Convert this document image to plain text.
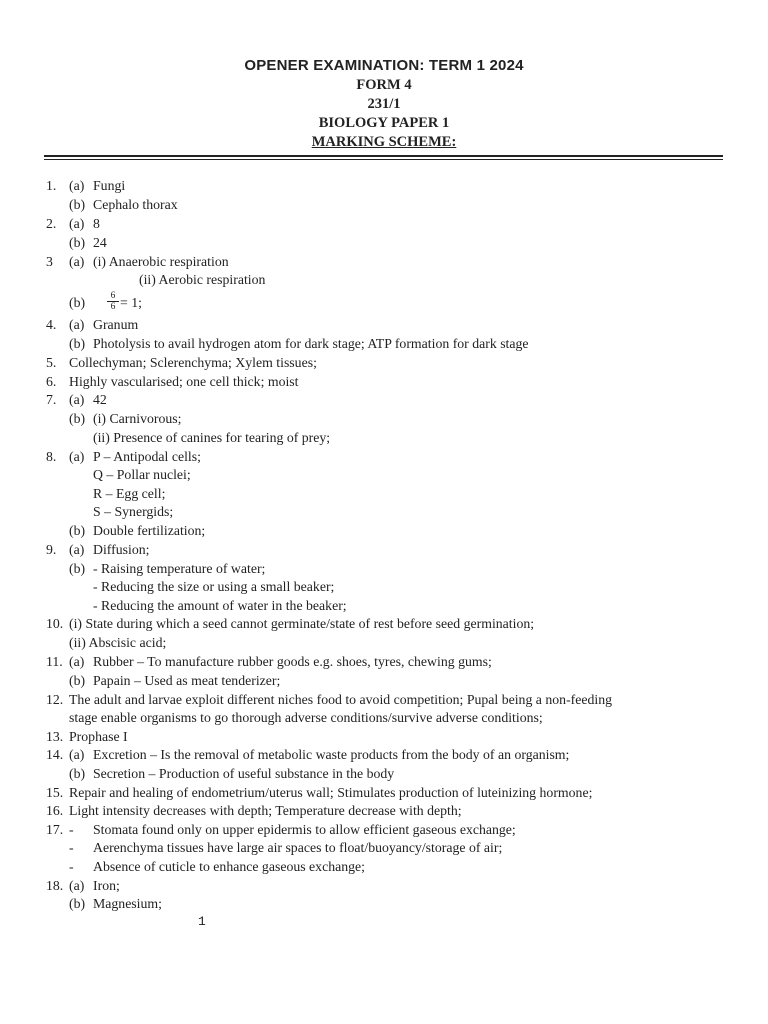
OPENER EXAMINATION: TERM 1 2024
FORM 4
231/1
BIOLOGY PAPER 1
MARKING SCHEME:
1. (a) Fungi
(b) Cephalo thorax
2. (a) 8
(b) 24
3 (a) (i) Anaerobic respiration
(ii) Aerobic respiration
(b)	6
6 = 1;
4. (a) Granum
(b) Photolysis to avail hydrogen atom for dark stage; ATP formation for dark stage
5. Collechyman; Sclerenchyma; Xylem tissues;
6. Highly vascularised; one cell thick; moist
7. (a) 42
(b) (i) Carnivorous;
(ii) Presence of canines for tearing of prey;
8. (a) P – Antipodal cells;
Q – Pollar nuclei;
R – Egg cell;
S – Synergids;
(b) Double fertilization;
9. (a) Diffusion;
(b) - Raising temperature of water;
- Reducing the size or using a small beaker;
- Reducing the amount of water in the beaker;
10. (i) State during which a seed cannot germinate/state of rest before seed germination;
(ii) Abscisic acid;
11. (a) Rubber – To manufacture rubber goods e.g. shoes, tyres, chewing gums;
(b) Papain – Used as meat tenderizer;
12. The adult and larvae exploit different niches food to avoid competition; Pupal being a non-feeding
stage enable organisms to go thorough adverse conditions/survive adverse conditions;
13. Prophase I
14. (a) Excretion – Is the removal of metabolic waste products from the body of an organism;
(b) Secretion – Production of useful substance in the body
15. Repair and healing of endometrium/uterus wall; Stimulates production of luteinizing hormone;
16. Light intensity decreases with depth; Temperature decrease with depth;
17. - Stomata found only on upper epidermis to allow efficient gaseous exchange;
- Aerenchyma tissues have large air spaces to float/buoyancy/storage of air;
- Absence of cuticle to enhance gaseous exchange;
18. (a) Iron;
(b) Magnesium;
1
